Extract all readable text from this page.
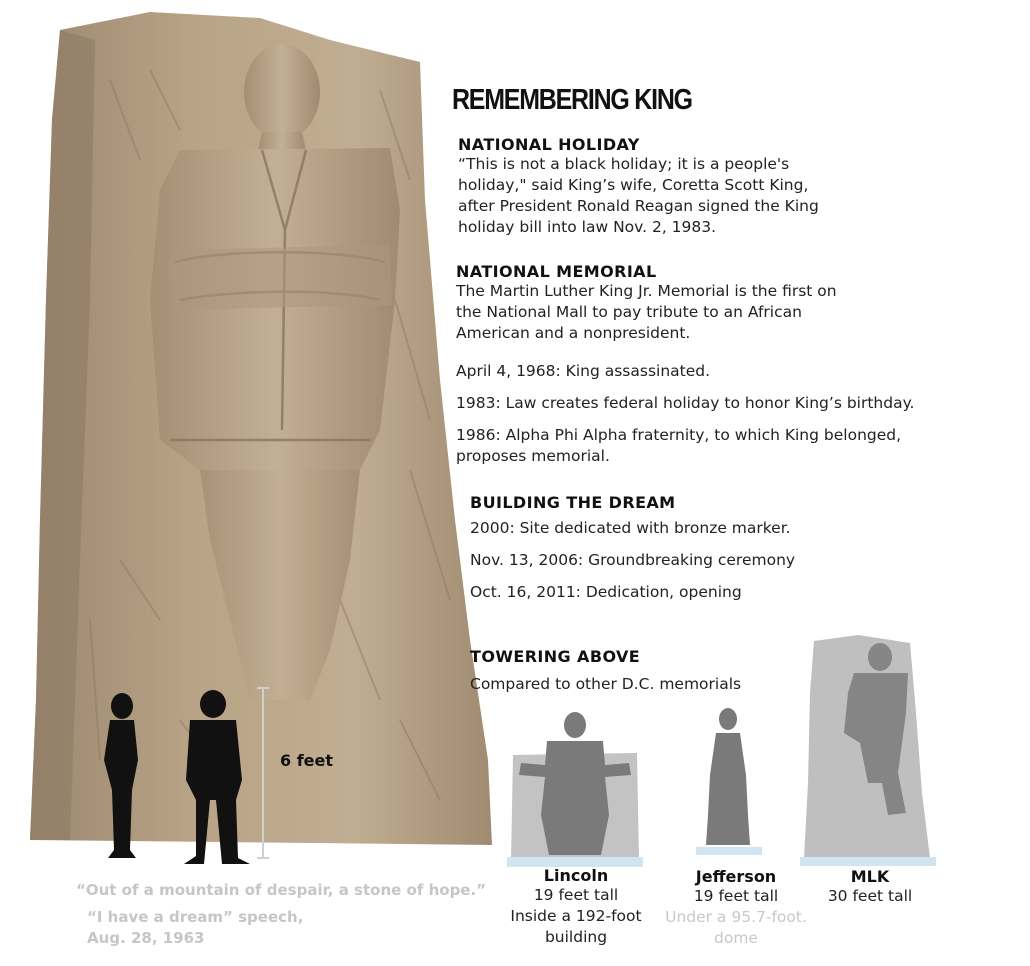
6 feet
REMEMBERING KING
NATIONAL HOLIDAY
“This is not a black holiday; it is a people's
holiday," said King’s wife, Coretta Scott King,
after President Ronald Reagan signed the King
holiday bill into law Nov. 2, 1983.
NATIONAL MEMORIAL
The Martin Luther King Jr. Memorial is the first on
the National Mall to pay tribute to an African
American and a nonpresident.
April 4, 1968: King assassinated.
1983: Law creates federal holiday to honor King’s birthday.
1986: Alpha Phi Alpha fraternity, to which King belonged,
proposes memorial.
BUILDING THE DREAM
2000: Site dedicated with bronze marker.
Nov. 13, 2006: Groundbreaking ceremony
Oct. 16, 2011: Dedication, opening
TOWERING ABOVE
Compared to other D.C. memorials
Lincoln
19 feet tall
Inside a 192-foot
building
Jefferson
19 feet tall
Under a 95.7-foot.
dome
MLK
30 feet tall
“Out of a mountain of despair, a stone of hope.”
“I have a dream” speech,
Aug. 28, 1963
